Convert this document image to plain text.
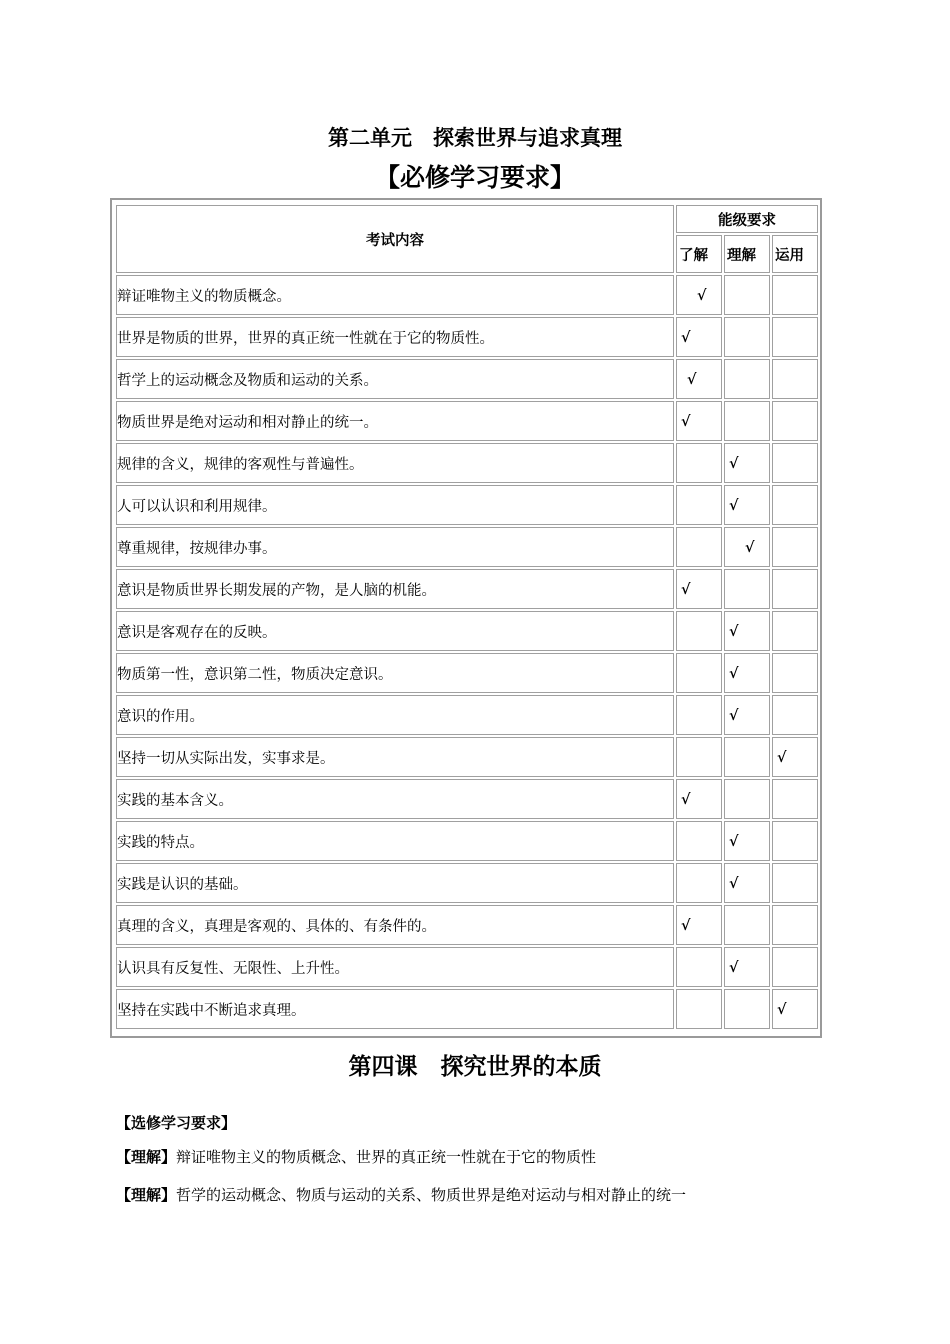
第二单元　探索世界与追求真理
【必修学习要求】
考试内容	能级要求		
	了解	理解	运用
辩证唯物主义的物质概念。	√		
世界是物质的世界，世界的真正统一性就在于它的物质性。	√		
哲学上的运动概念及物质和运动的关系。	√		
物质世界是绝对运动和相对静止的统一。	√		
规律的含义，规律的客观性与普遍性。		√	
人可以认识和利用规律。		√	
尊重规律，按规律办事。		√	
意识是物质世界长期发展的产物，是人脑的机能。	√		
意识是客观存在的反映。		√	
物质第一性，意识第二性，物质决定意识。		√	
意识的作用。		√	
坚持一切从实际出发，实事求是。			√
实践的基本含义。	√		
实践的特点。		√	
实践是认识的基础。		√	
真理的含义，真理是客观的、具体的、有条件的。	√		
认识具有反复性、无限性、上升性。		√	
坚持在实践中不断追求真理。			√
第四课　探究世界的本质
【选修学习要求】
【理解】辩证唯物主义的物质概念、世界的真正统一性就在于它的物质性
【理解】哲学的运动概念、物质与运动的关系、物质世界是绝对运动与相对静止的统一
